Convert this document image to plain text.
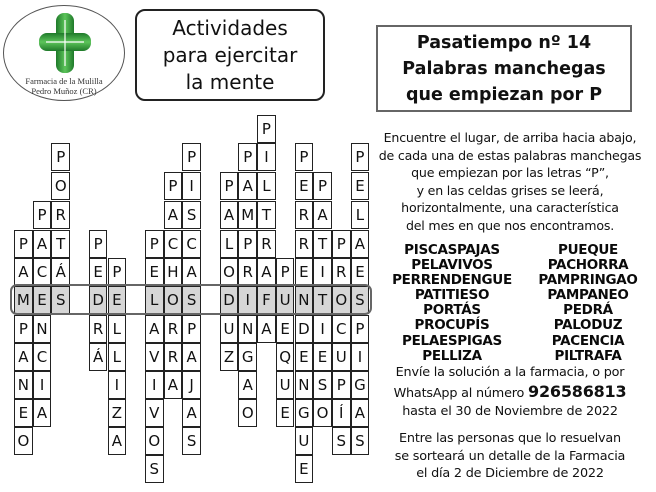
Farmacia de la Mulilla
Pedro Muñoz (CR)
Actividades
para ejercitar
la mente
Pasatiempo nº 14
Palabras manchegas
que empiezan por P
Encuentre el lugar, de arriba hacia abajo,
de cada una de estas palabras manchegas
que empiezan por las letras “P”,
y en las celdas grises se leerá,
horizontalmente, una característica
del mes en que nos encontramos.
PISCASPAJAS
PELAVIVOS
PERRENDENGUE
PATITIESO
PORTÁS
PROCUPÍS
PELAESPIGAS
PELLIZA
PUEQUE
PACHORRA
PAMPRINGAO
PAMPANEO
PEDRÁ
PALODUZ
PACENCIA
PILTRAFA
Envíe la solución a la farmacia, o por
WhatsApp al número 926586813
hasta el 30 de Noviembre de 2022
Entre las personas que lo resuelvan
se sorteará un detalle de la Farmacia
el día 2 de Diciembre de 2022
P
A
M
P
A
N
E
O
P
A
C
E
N
C
I
A
P
O
R
T
Á
S
P
E
D
R
Á
P
E
L
L
I
Z
A
P
E
L
A
V
I
V
O
S
P
A
C
H
O
R
R
A
P
I
S
C
A
S
P
A
J
A
S
P
A
L
O
D
U
Z
P
A
M
P
R
I
N
G
A
O
P
I
L
T
R
A
F
A
P
U
E
Q
U
E
P
E
R
R
E
N
D
E
N
G
U
E
P
A
T
I
T
I
E
S
O
P
R
O
C
U
P
Í
S
P
E
L
A
E
S
P
I
G
A
S
